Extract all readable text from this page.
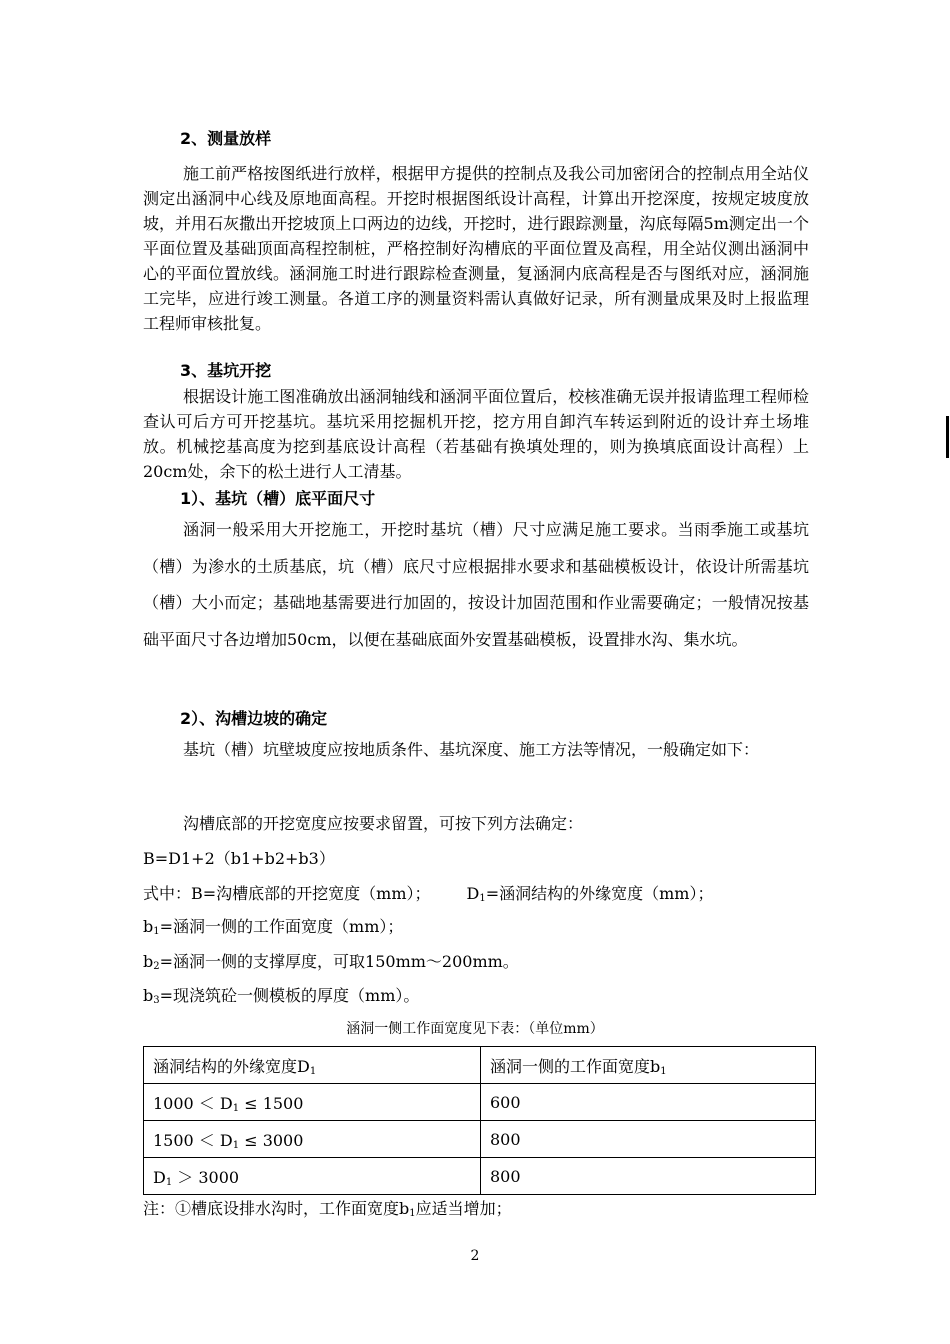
2、测量放样

施工前严格按图纸进行放样，根据甲方提供的控制点及我公司加密闭合的控制点用全站仪测定出涵洞中心线及原地面高程。开挖时根据图纸设计高程，计算出开挖深度，按规定坡度放坡，并用石灰撒出开挖坡顶上口两边的边线，开挖时，进行跟踪测量，沟底每隔5m测定出一个平面位置及基础顶面高程控制桩，严格控制好沟槽底的平面位置及高程，用全站仪测出涵洞中心的平面位置放线。涵洞施工时进行跟踪检查测量，复涵洞内底高程是否与图纸对应，涵洞施工完毕，应进行竣工测量。各道工序的测量资料需认真做好记录，所有测量成果及时上报监理工程师审核批复。

3、基坑开挖

根据设计施工图准确放出涵洞轴线和涵洞平面位置后，校核准确无误并报请监理工程师检查认可后方可开挖基坑。基坑采用挖掘机开挖，挖方用自卸汽车转运到附近的设计弃土场堆放。机械挖基高度为挖到基底设计高程（若基础有换填处理的，则为换填底面设计高程）上20cm处，余下的松土进行人工清基。

1）、基坑（槽）底平面尺寸

涵洞一般采用大开挖施工，开挖时基坑（槽）尺寸应满足施工要求。当雨季施工或基坑（槽）为渗水的土质基底，坑（槽）底尺寸应根据排水要求和基础模板设计，依设计所需基坑（槽）大小而定；基础地基需要进行加固的，按设计加固范围和作业需要确定；一般情况按基础平面尺寸各边增加50cm，以便在基础底面外安置基础模板，设置排水沟、集水坑。

2）、沟槽边坡的确定

基坑（槽）坑壁坡度应按地质条件、基坑深度、施工方法等情况，一般确定如下：

沟槽底部的开挖宽度应按要求留置，可按下列方法确定：
B=D1+2（b1+b2+b3）
式中：B=沟槽底部的开挖宽度（mm）； $D_1=$涵洞结构的外缘宽度（mm）；
$b_1=$涵洞一侧的工作面宽度（mm）；
$b_2=$涵洞一侧的支撑厚度，可取150mm～200mm。
$b_3=$现浇筑砼一侧模板的厚度（mm）。
涵洞一侧工作面宽度见下表：（单位mm）
涵洞结构的外缘宽度$D_1$	涵洞一侧的工作面宽度$b_1$
$1000 < D_1 \le 1500$	600
$1500 < D_1 \le 3000$	800
$D_1 > 3000$	800
注：①槽底设排水沟时，工作面宽度$b_1$应适当增加；
2
